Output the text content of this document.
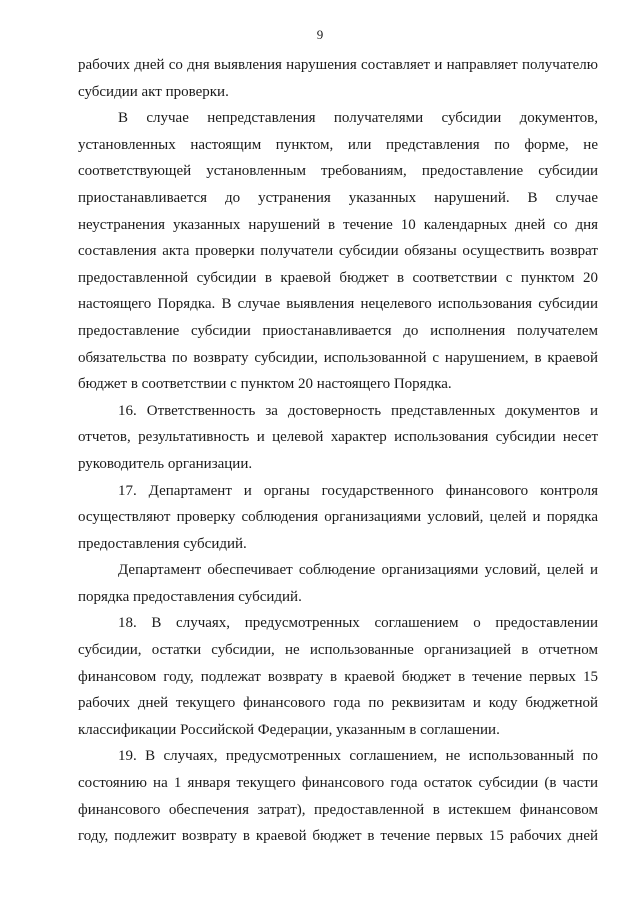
9

рабочих дней со дня выявления нарушения составляет и направляет получателю субсидии акт проверки.

В случае непредставления получателями субсидии документов, установленных настоящим пунктом, или представления по форме, не соответствующей установленным требованиям, предоставление субсидии приостанавливается до устранения указанных нарушений. В случае неустранения указанных нарушений в течение 10 календарных дней со дня составления акта проверки получатели субсидии обязаны осуществить возврат предоставленной субсидии в краевой бюджет в соответствии с пунктом 20 настоящего Порядка. В случае выявления нецелевого использования субсидии предоставление субсидии приостанавливается до исполнения получателем обязательства по возврату субсидии, использованной с нарушением, в краевой бюджет в соответствии с пунктом 20 настоящего Порядка.

16. Ответственность за достоверность представленных документов и отчетов, результативность и целевой характер использования субсидии несет руководитель организации.

17. Департамент и органы государственного финансового контроля осуществляют проверку соблюдения организациями условий, целей и порядка предоставления субсидий.

Департамент обеспечивает соблюдение организациями условий, целей и порядка предоставления субсидий.

18. В случаях, предусмотренных соглашением о предоставлении субсидии, остатки субсидии, не использованные организацией в отчетном финансовом году, подлежат возврату в краевой бюджет в течение первых 15 рабочих дней текущего финансового года по реквизитам и коду бюджетной классификации Российской Федерации, указанным в соглашении.

19. В случаях, предусмотренных соглашением, не использованный по состоянию на 1 января текущего финансового года остаток субсидии (в части финансового обеспечения затрат), предоставленной в истекшем финансовом году, подлежит возврату в краевой бюджет в течение первых 15 рабочих дней
